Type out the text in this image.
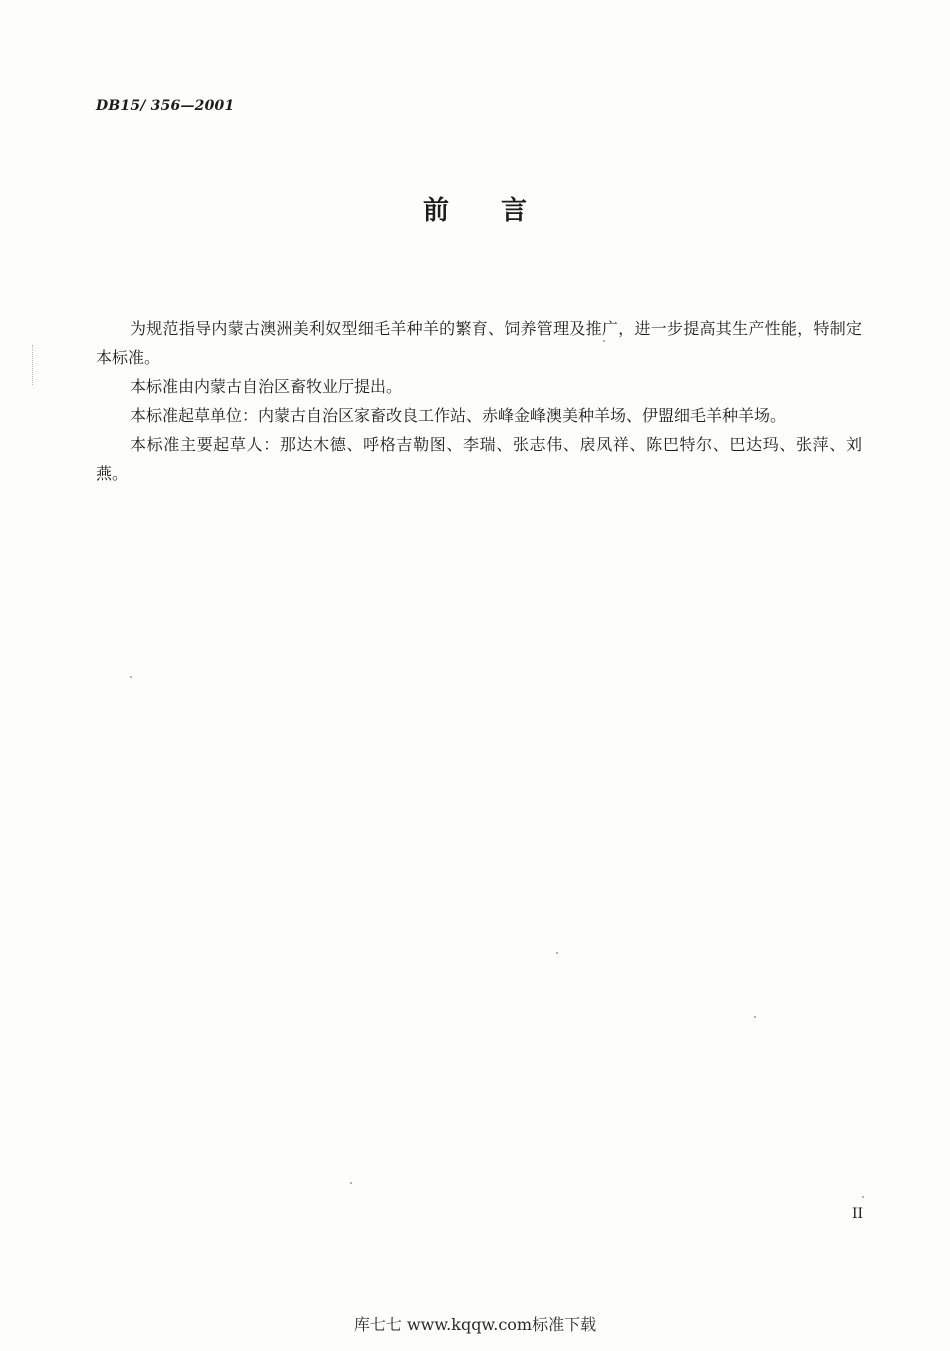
DB15/ 356—2001
前言

为规范指导内蒙古澳洲美利奴型细毛羊种羊的繁育、饲养管理及推广，进一步提高其生产性能，特制定本标准。

本标准由内蒙古自治区畜牧业厅提出。

本标准起草单位：内蒙古自治区家畜改良工作站、赤峰金峰澳美种羊场、伊盟细毛羊种羊场。

本标准主要起草人：那达木德、呼格吉勒图、李瑞、张志伟、扆凤祥、陈巴特尔、巴达玛、张萍、刘燕。

II
库七七 www.kqqw.com标准下载
